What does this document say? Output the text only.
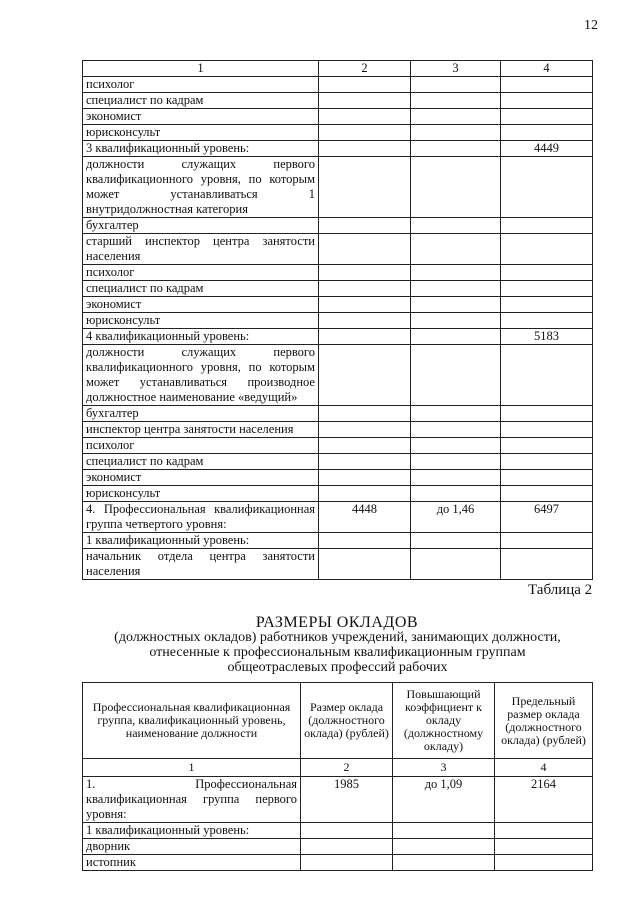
12
1	2	3	4
психолог			
специалист по кадрам			
экономист			
юрисконсульт			
3 квалификационный уровень:			4449
должности служащих первого квалификационного уровня, по которым может устанавливаться 1 внутридолжностная категория			
бухгалтер			
старший инспектор центра занятости населения			
психолог			
специалист по кадрам			
экономист			
юрисконсульт			
4 квалификационный уровень:			5183
должности служащих первого квалификационного уровня, по которым может устанавливаться производное должностное наименование «ведущий»			
бухгалтер			
инспектор центра занятости населения			
психолог			
специалист по кадрам			
экономист			
юрисконсульт			
4. Профессиональная квалификационная группа четвертого уровня:	4448	до 1,46	6497
1 квалификационный уровень:			
начальник отдела центра занятости населения			
Таблица 2
РАЗМЕРЫ ОКЛАДОВ
(должностных окладов) работников учреждений, занимающих должности, отнесенные к профессиональным квалификационным группам общеотраслевых профессий рабочих
Профессиональная квалификационная группа, квалификационный уровень, наименование должности	Размер оклада (должностного оклада) (рублей)	Повышающий коэффициент к окладу (должностному окладу)	Предельный размер оклада (должностного оклада) (рублей)
1	2	3	4
1. Профессиональная квалификационная группа первого уровня:	1985	до 1,09	2164
1 квалификационный уровень:			
дворник			
истопник			
